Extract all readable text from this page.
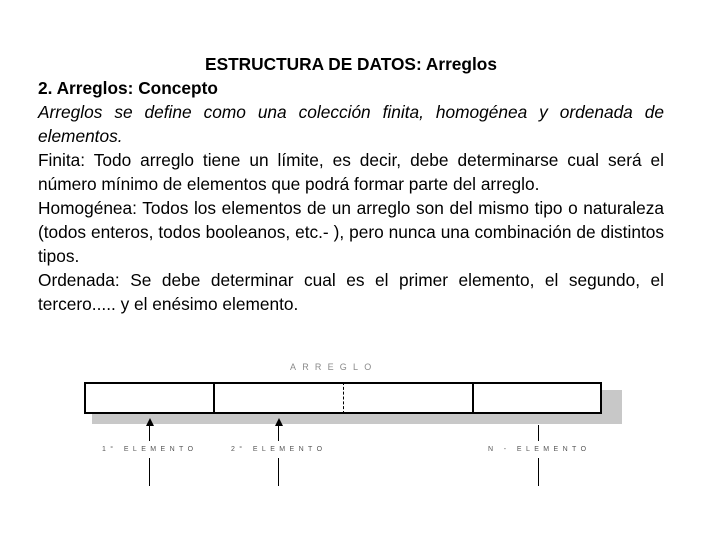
ESTRUCTURA DE DATOS: Arreglos
2. Arreglos: Concepto
Arreglos se define como una colección finita, homogénea y ordenada de elementos.
Finita: Todo arreglo tiene un límite, es decir, debe determinarse cual será el número mínimo de elementos que podrá formar parte del arreglo.
Homogénea: Todos los elementos de un arreglo son del mismo tipo o naturaleza (todos enteros, todos booleanos, etc.- ), pero nunca una combinación de distintos tipos.
Ordenada: Se debe determinar cual es el primer elemento, el segundo, el tercero..... y el enésimo elemento.
ARREGLO
1° ELEMENTO	2° ELEMENTO	N - ELEMENTO
